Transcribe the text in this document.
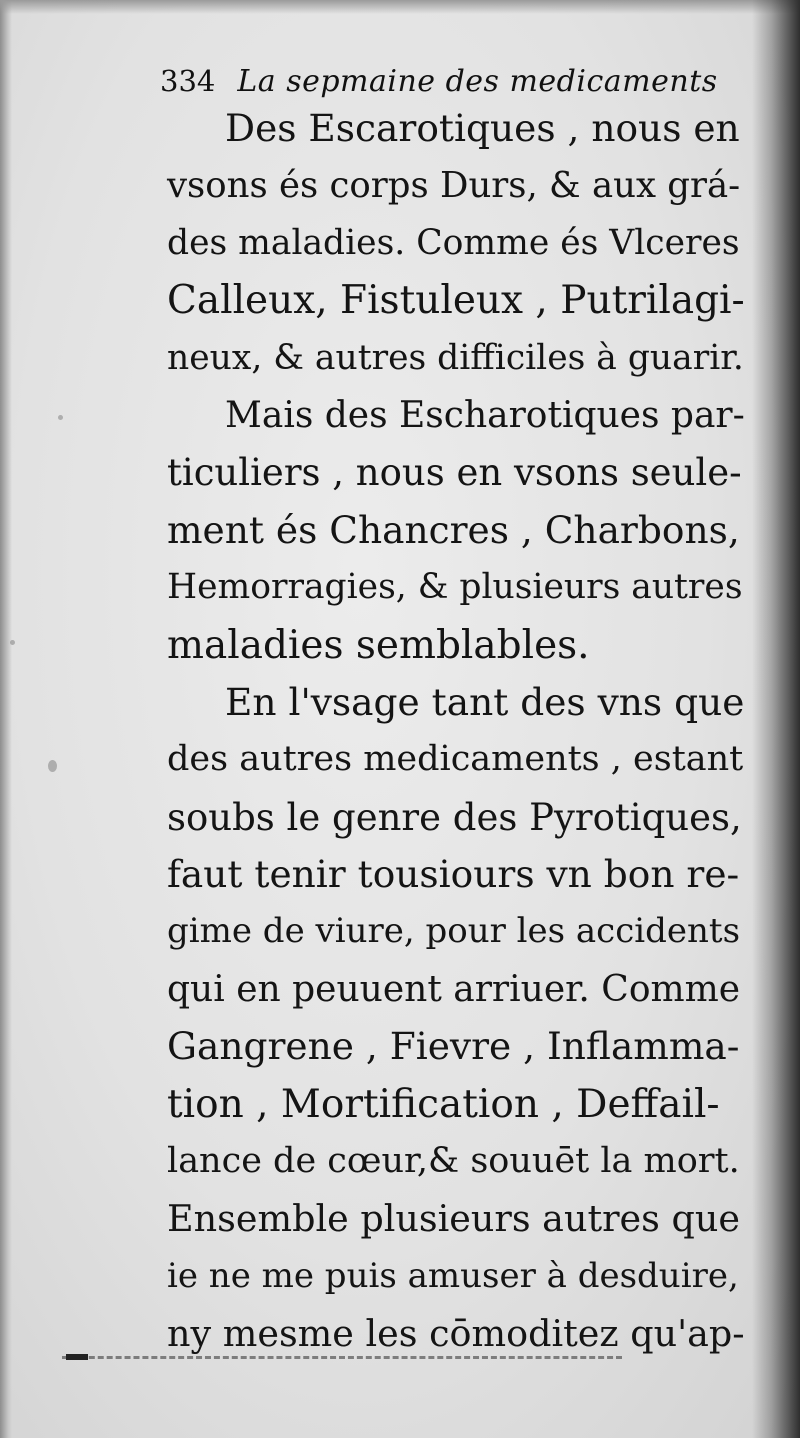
334 La sepmaine des medicaments
Des Escarotiques , nous en
vsons és corps Durs, & aux grá-
des maladies. Comme és Vlceres
Calleux, Fistuleux , Putrilagi-
neux, & autres difficiles à guarir.
Mais des Escharotiques par-
ticuliers , nous en vsons seule-
ment és Chancres , Charbons,
Hemorragies, & plusieurs autres
maladies semblables.
En l'vsage tant des vns que
des autres medicaments , estant
soubs le genre des Pyrotiques,
faut tenir tousiours vn bon re-
gime de viure, pour les accidents
qui en peuuent arriuer. Comme
Gangrene , Fievre , Inflamma-
tion , Mortification , Deffail-
lance de cœur,& souuēt la mort.
Ensemble plusieurs autres que
ie ne me puis amuser à desduire,
ny mesme les cōmoditez qu'ap-
